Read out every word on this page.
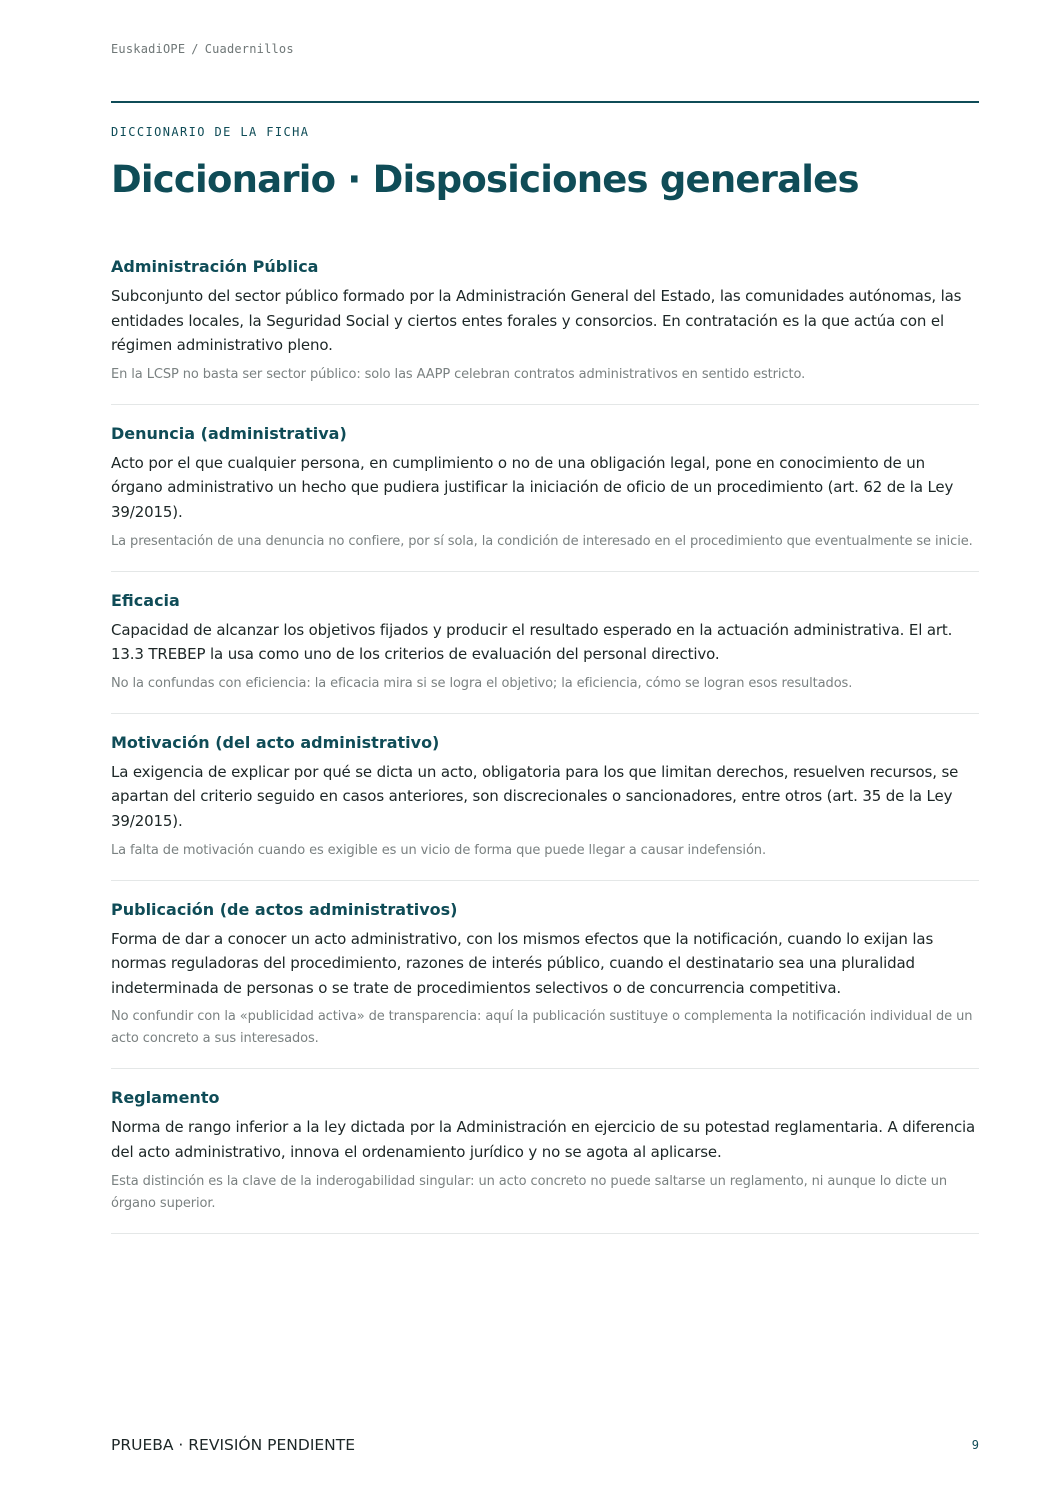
EuskadiOPE / Cuadernillos
DICCIONARIO DE LA FICHA
Diccionario · Disposiciones generales
Administración Pública
Subconjunto del sector público formado por la Administración General del Estado, las comunidades autónomas, las entidades locales, la Seguridad Social y ciertos entes forales y consorcios. En contratación es la que actúa con el régimen administrativo pleno.
En la LCSP no basta ser sector público: solo las AAPP celebran contratos administrativos en sentido estricto.
Denuncia (administrativa)
Acto por el que cualquier persona, en cumplimiento o no de una obligación legal, pone en conocimiento de un órgano administrativo un hecho que pudiera justificar la iniciación de oficio de un procedimiento (art. 62 de la Ley 39/2015).
La presentación de una denuncia no confiere, por sí sola, la condición de interesado en el procedimiento que eventualmente se inicie.
Eficacia
Capacidad de alcanzar los objetivos fijados y producir el resultado esperado en la actuación administrativa. El art. 13.3 TREBEP la usa como uno de los criterios de evaluación del personal directivo.
No la confundas con eficiencia: la eficacia mira si se logra el objetivo; la eficiencia, cómo se logran esos resultados.
Motivación (del acto administrativo)
La exigencia de explicar por qué se dicta un acto, obligatoria para los que limitan derechos, resuelven recursos, se apartan del criterio seguido en casos anteriores, son discrecionales o sancionadores, entre otros (art. 35 de la Ley 39/2015).
La falta de motivación cuando es exigible es un vicio de forma que puede llegar a causar indefensión.
Publicación (de actos administrativos)
Forma de dar a conocer un acto administrativo, con los mismos efectos que la notificación, cuando lo exijan las normas reguladoras del procedimiento, razones de interés público, cuando el destinatario sea una pluralidad indeterminada de personas o se trate de procedimientos selectivos o de concurrencia competitiva.
No confundir con la «publicidad activa» de transparencia: aquí la publicación sustituye o complementa la notificación individual de un acto concreto a sus interesados.
Reglamento
Norma de rango inferior a la ley dictada por la Administración en ejercicio de su potestad reglamentaria. A diferencia del acto administrativo, innova el ordenamiento jurídico y no se agota al aplicarse.
Esta distinción es la clave de la inderogabilidad singular: un acto concreto no puede saltarse un reglamento, ni aunque lo dicte un órgano superior.
PRUEBA · REVISIÓN PENDIENTE	9
